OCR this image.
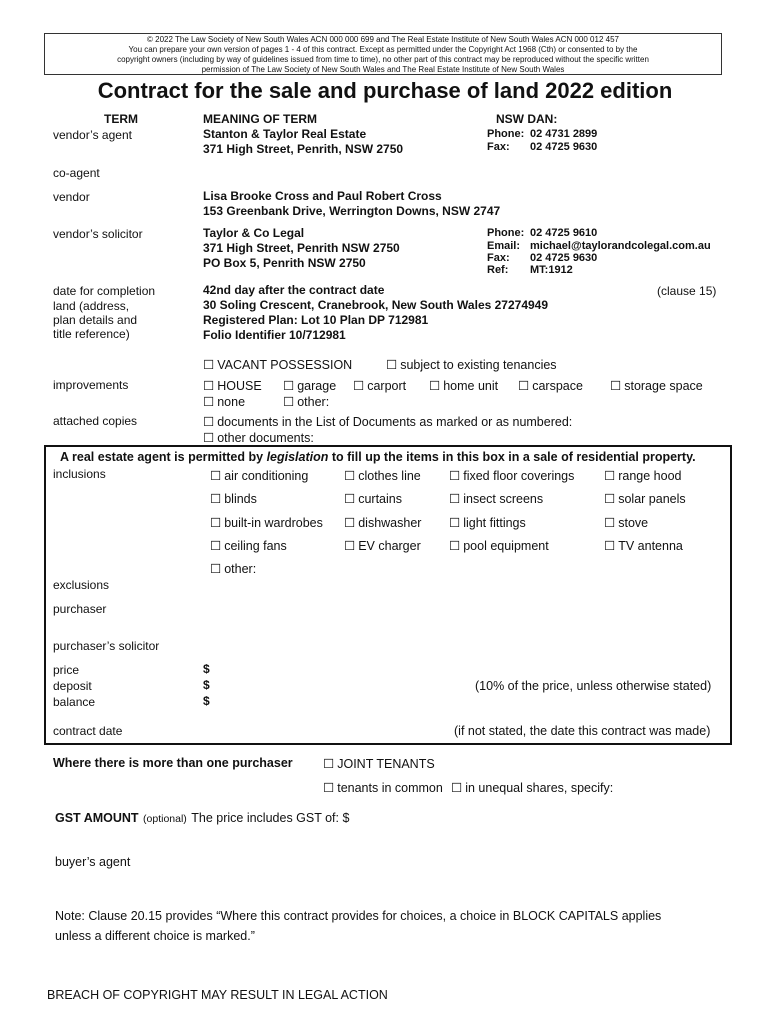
© 2022 The Law Society of New South Wales ACN 000 000 699 and The Real Estate Institute of New South Wales ACN 000 012 457
You can prepare your own version of pages 1 - 4 of this contract. Except as permitted under the Copyright Act 1968 (Cth) or consented to by the
copyright owners (including by way of guidelines issued from time to time), no other part of this contract may be reproduced without the specific written
permission of The Law Society of New South Wales and The Real Estate Institute of New South Wales
Contract for the sale and purchase of land 2022 edition
TERM	MEANING OF TERM	NSW DAN:
vendor’s agent	Stanton & Taylor Real Estate
371 High Street, Penrith, NSW 2750
Phone: 02 4731 2899
Fax: 02 4725 9630
co-agent
vendor	Lisa Brooke Cross and Paul Robert Cross
153 Greenbank Drive, Werrington Downs, NSW 2747
vendor’s solicitor	Taylor & Co Legal
371 High Street, Penrith NSW 2750
PO Box 5, Penrith NSW 2750
Phone: 02 4725 9610
Email: michael@taylorandcolegal.com.au
Fax: 02 4725 9630
Ref: MT:1912
date for completion	42nd day after the contract date	(clause 15)
land (address,
plan details and
title reference)
30 Soling Crescent, Cranebrook, New South Wales 27274949
Registered Plan: Lot 10 Plan DP 712981
Folio Identifier 10/712981
☐ VACANT POSSESSION	☐ subject to existing tenancies
improvements	☐ HOUSE	☐ garage	☐ carport	☐ home unit	☐ carspace	☐ storage space
☐ none	☐ other:
attached copies	☐ documents in the List of Documents as marked or as numbered:
☐ other documents:
A real estate agent is permitted by legislation to fill up the items in this box in a sale of residential property.
inclusions	☐ air conditioning	☐ clothes line	☐ fixed floor coverings	☐ range hood
☐ blinds	☐ curtains	☐ insect screens	☐ solar panels
☐ built-in wardrobes	☐ dishwasher	☐ light fittings	☐ stove
☐ ceiling fans	☐ EV charger	☐ pool equipment	☐ TV antenna
☐ other:
exclusions
purchaser
purchaser’s solicitor
price	$
deposit	$	(10% of the price, unless otherwise stated)
balance	$
contract date	(if not stated, the date this contract was made)
Where there is more than one purchaser	☐ JOINT TENANTS
☐ tenants in common	☐ in unequal shares, specify:
GST AMOUNT (optional) The price includes GST of: $
buyer’s agent
Note: Clause 20.15 provides “Where this contract provides for choices, a choice in BLOCK CAPITALS applies
unless a different choice is marked.”
BREACH OF COPYRIGHT MAY RESULT IN LEGAL ACTION
